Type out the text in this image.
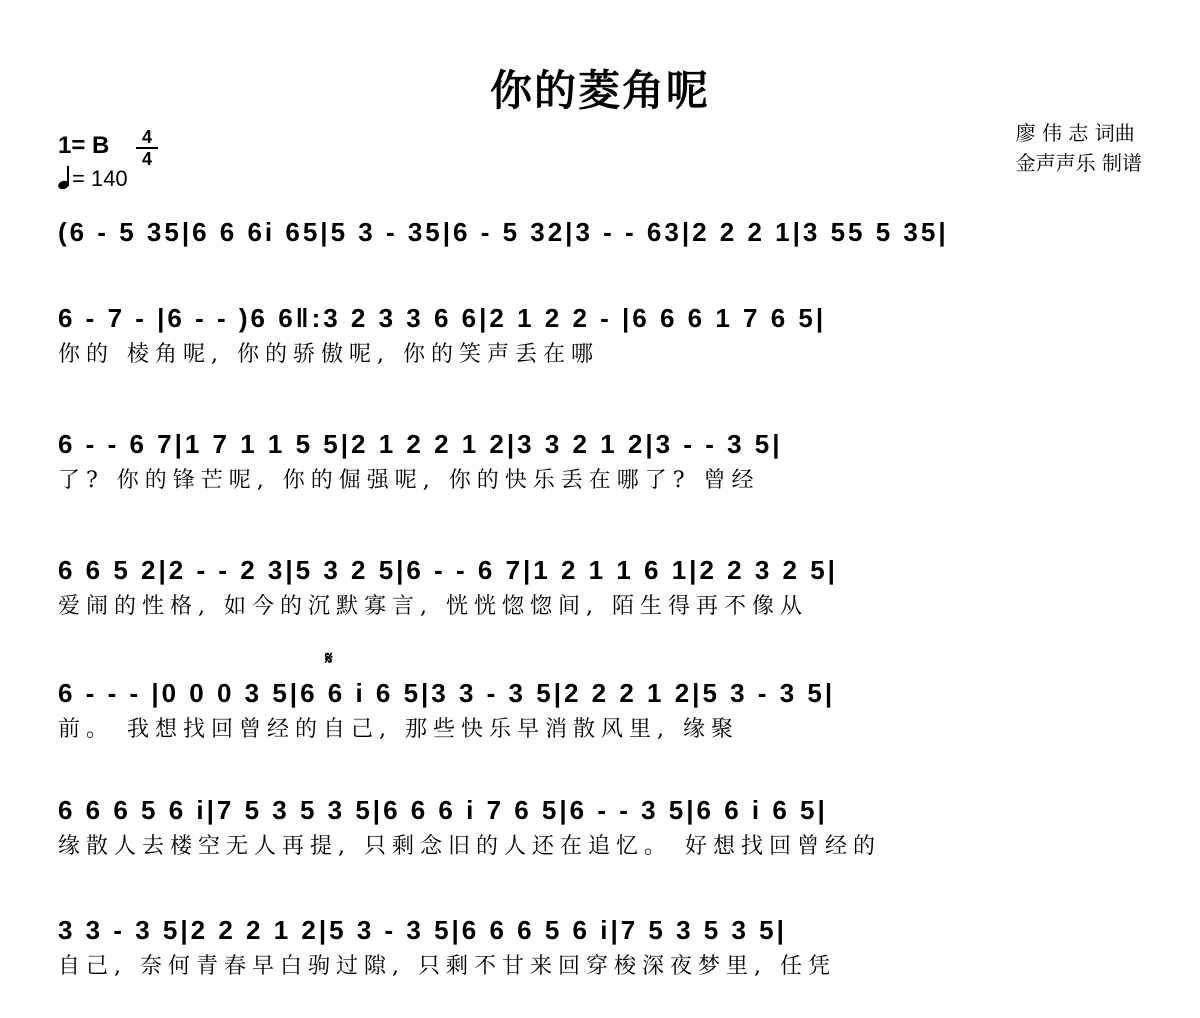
你的菱角呢
廖 伟 志 词曲
金声声乐 制谱
1= B	4
4
= 140
(6 - 5 35|6 6 6i 65|5 3 - 35|6 - 5 32|3 - - 63|2 2 2 1|3 55 5 35|
6 - 7 - |6 - - )6 6‖:3 2 3 3 6 6|2 1 2 2 - |6 6 6 1 7 6 5|
你的 棱角呢, 你的骄傲呢, 你的笑声丢在哪
6 - - 6 7|1 7 1 1 5 5|2 1 2 2 1 2|3 3 2 1 2|3 - - 3 5|
了? 你的锋芒呢, 你的倔强呢, 你的快乐丢在哪了? 曾经
6 6 5 2|2 - - 2 3|5 3 2 5|6 - - 6 7|1 2 1 1 6 1|2 2 3 2 5|
爱闹的性格, 如今的沉默寡言, 恍恍惚惚间, 陌生得再不像从
𝄋
6 - - - |0 0 0 3 5|6 6 i 6 5|3 3 - 3 5|2 2 2 1 2|5 3 - 3 5|
前。 我想找回曾经的自己, 那些快乐早消散风里, 缘聚
6 6 6 5 6 i|7 5 3 5 3 5|6 6 6 i 7 6 5|6 - - 3 5|6 6 i 6 5|
缘散人去楼空无人再提, 只剩念旧的人还在追忆。 好想找回曾经的
3 3 - 3 5|2 2 2 1 2|5 3 - 3 5|6 6 6 5 6 i|7 5 3 5 3 5|
自己, 奈何青春早白驹过隙, 只剩不甘来回穿梭深夜梦里, 任凭
